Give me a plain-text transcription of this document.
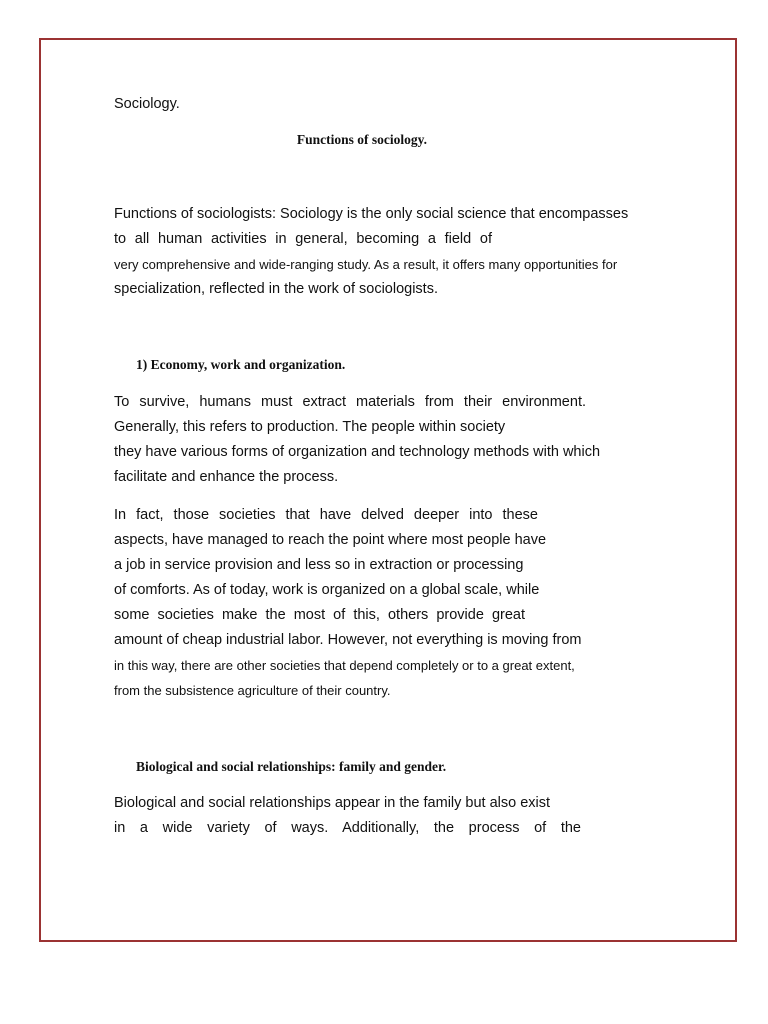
Sociology.
Functions of sociology.
Functions of sociologists: Sociology is the only social science that encompasses
to all human activities in general, becoming a field of
very comprehensive and wide-ranging study. As a result, it offers many opportunities for
specialization, reflected in the work of sociologists.
1) Economy, work and organization.
To survive, humans must extract materials from their environment.
Generally, this refers to production. The people within society
they have various forms of organization and technology methods with which
facilitate and enhance the process.
In fact, those societies that have delved deeper into these
aspects, have managed to reach the point where most people have
a job in service provision and less so in extraction or processing
of comforts. As of today, work is organized on a global scale, while
some societies make the most of this, others provide great
amount of cheap industrial labor. However, not everything is moving from
in this way, there are other societies that depend completely or to a great extent,
from the subsistence agriculture of their country.
Biological and social relationships: family and gender.
Biological and social relationships appear in the family but also exist
in a wide variety of ways. Additionally, the process of the
